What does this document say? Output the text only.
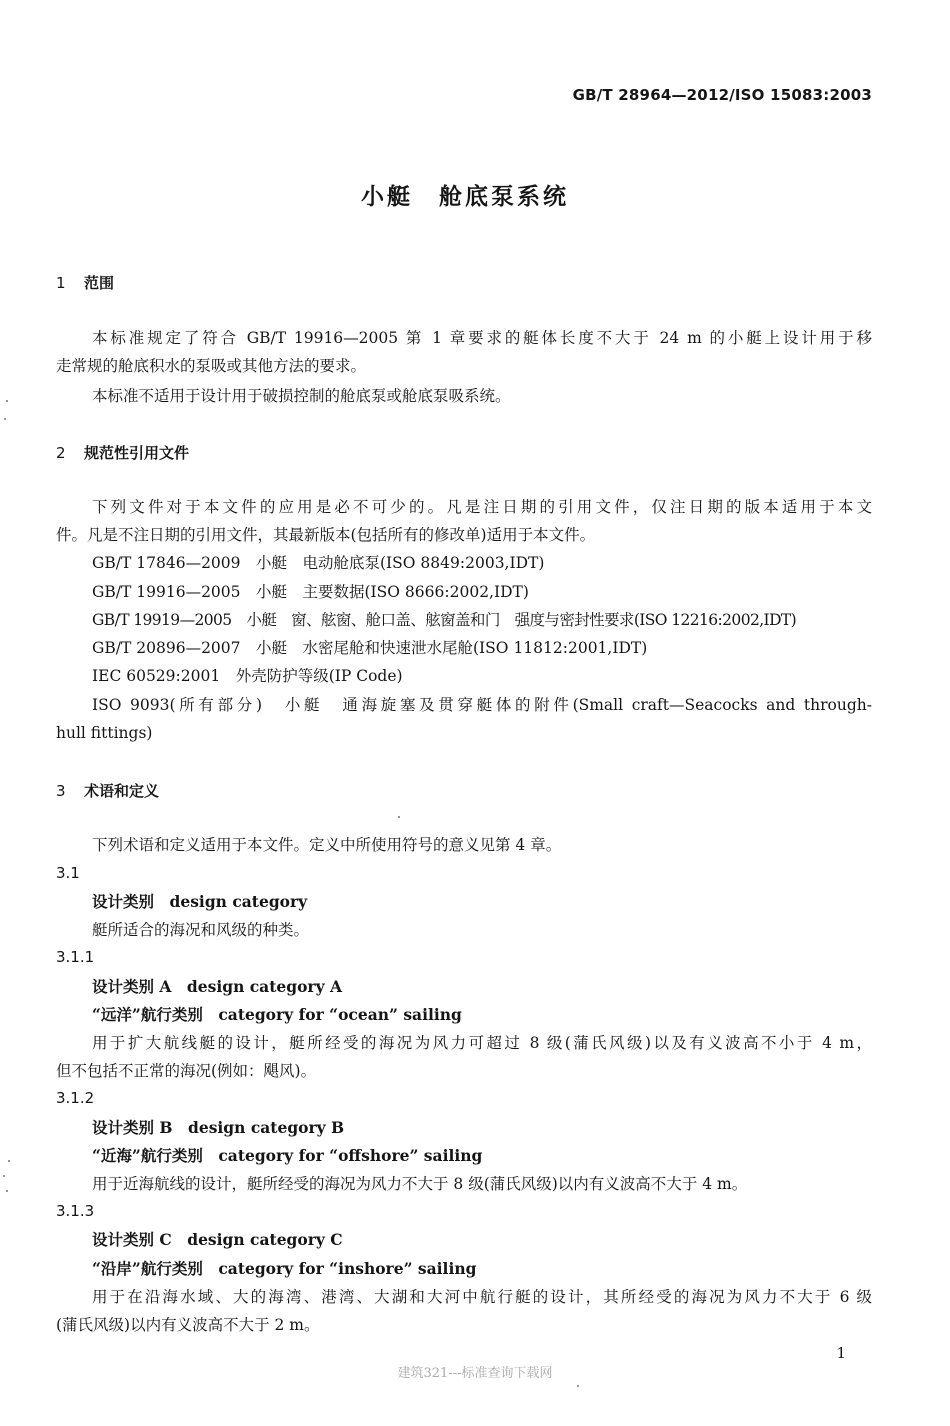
GB/T 28964—2012/ISO 15083:2003
小艇 舱底泵系统
1 范围
本标准规定了符合 GB/T 19916—2005 第 1 章要求的艇体长度不大于 24 m 的小艇上设计用于移
走常规的舱底积水的泵吸或其他方法的要求。
本标准不适用于设计用于破损控制的舱底泵或舱底泵吸系统。
2 规范性引用文件
下列文件对于本文件的应用是必不可少的。凡是注日期的引用文件，仅注日期的版本适用于本文
件。凡是不注日期的引用文件，其最新版本(包括所有的修改单)适用于本文件。
GB/T 17846—2009　小艇　电动舱底泵(ISO 8849:2003,IDT)
GB/T 19916—2005　小艇　主要数据(ISO 8666:2002,IDT)
GB/T 19919—2005　小艇　窗、舷窗、舱口盖、舷窗盖和门　强度与密封性要求(ISO 12216:2002,IDT)
GB/T 20896—2007　小艇　水密尾舱和快速泄水尾舱(ISO 11812:2001,IDT)
IEC 60529:2001　外壳防护等级(IP Code)
ISO 9093(所有部分)　小艇　通海旋塞及贯穿艇体的附件(Small craft—Seacocks and through-
hull fittings)
3 术语和定义
下列术语和定义适用于本文件。定义中所使用符号的意义见第 4 章。
3.1
设计类别　design category
艇所适合的海况和风级的种类。
3.1.1
设计类别 A　design category A
“远洋”航行类别　category for “ocean” sailing
用于扩大航线艇的设计，艇所经受的海况为风力可超过 8 级(蒲氏风级)以及有义波高不小于 4 m，
但不包括不正常的海况(例如：飓风)。
3.1.2
设计类别 B　design category B
“近海”航行类别　category for “offshore” sailing
用于近海航线的设计，艇所经受的海况为风力不大于 8 级(蒲氏风级)以内有义波高不大于 4 m。
3.1.3
设计类别 C　design category C
“沿岸”航行类别　category for “inshore” sailing
用于在沿海水域、大的海湾、港湾、大湖和大河中航行艇的设计，其所经受的海况为风力不大于 6 级
(蒲氏风级)以内有义波高不大于 2 m。
1
建筑321---标准查询下载网
